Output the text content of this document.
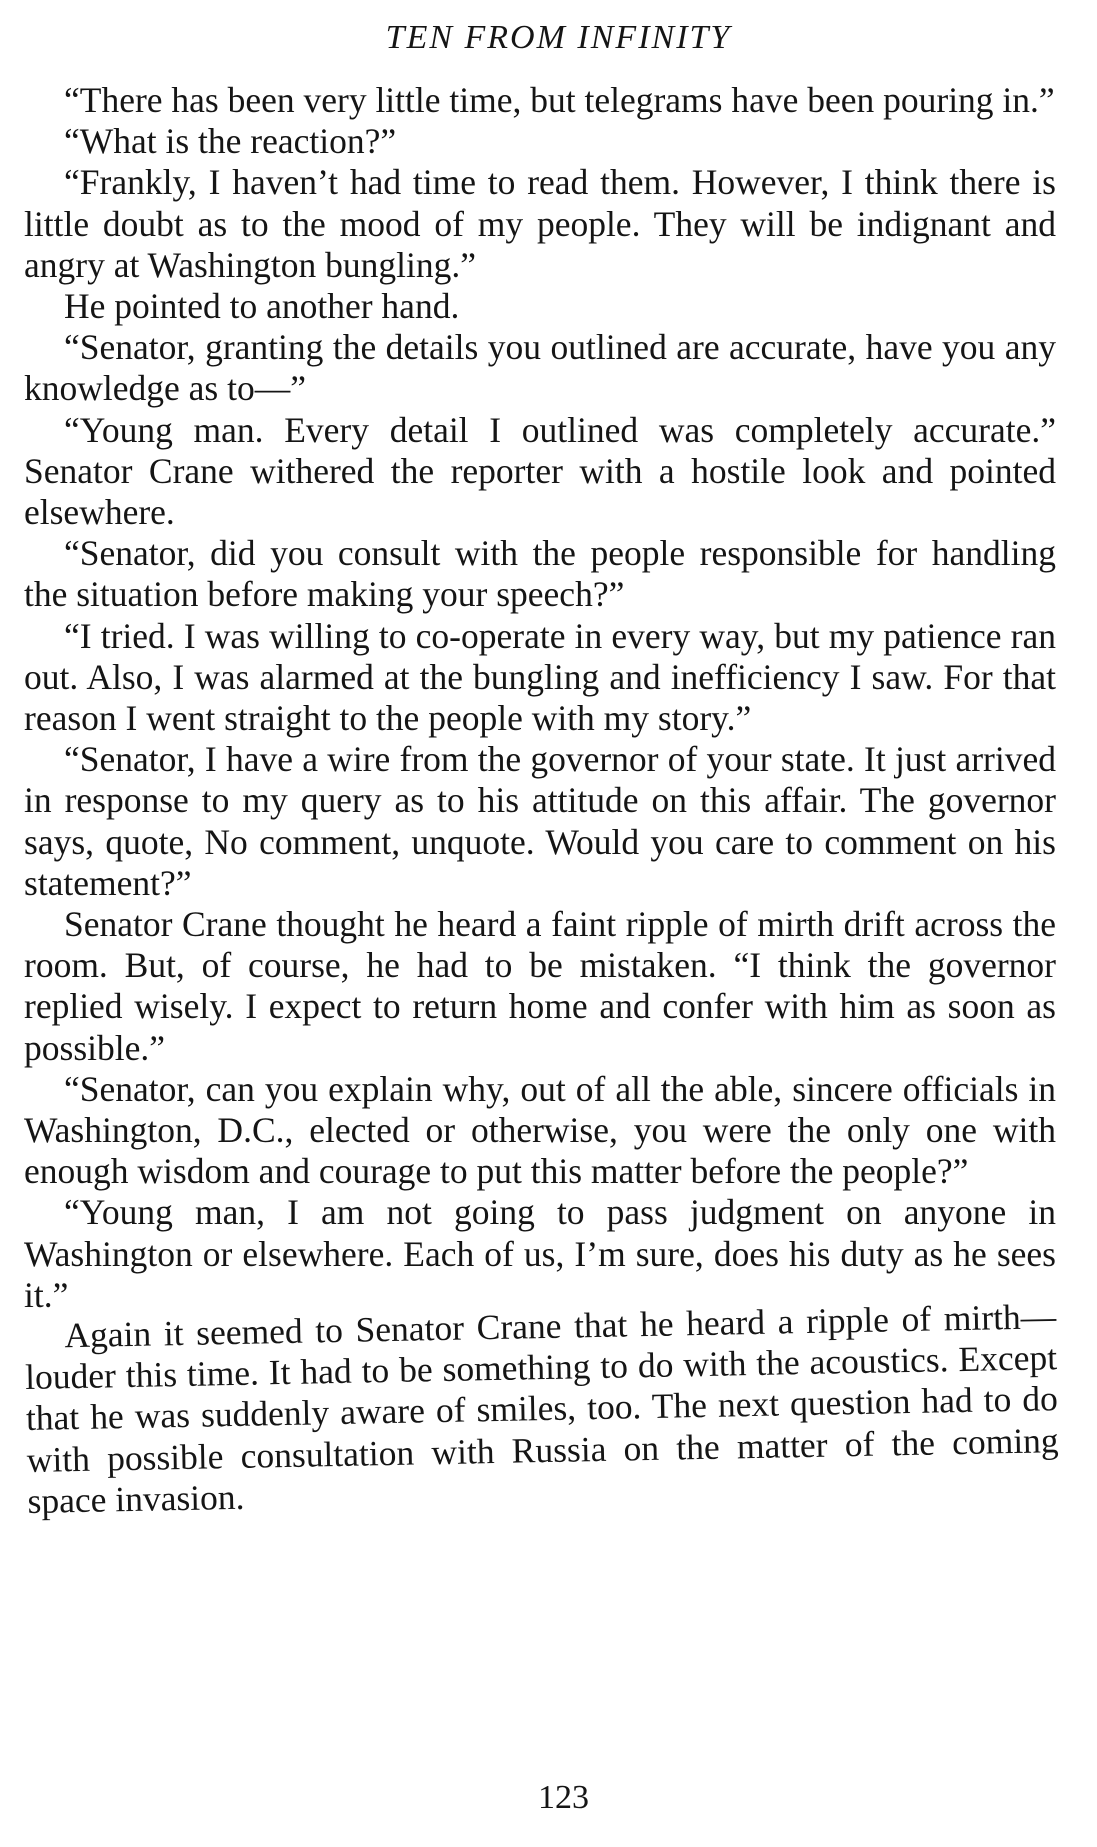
TEN FROM INFINITY

“There has been very little time, but telegrams have been pouring in.”

“What is the reaction?”

“Frankly, I haven’t had time to read them. However, I think there is little doubt as to the mood of my people. They will be indignant and angry at Washington bungling.”

He pointed to another hand.

“Senator, granting the details you outlined are accurate, have you any knowledge as to—”

“Young man. Every detail I outlined was completely accurate.” Senator Crane withered the reporter with a hostile look and pointed elsewhere.

“Senator, did you consult with the people responsible for handling the situation before making your speech?”

“I tried. I was willing to co-operate in every way, but my patience ran out. Also, I was alarmed at the bungling and inefficiency I saw. For that reason I went straight to the people with my story.”

“Senator, I have a wire from the governor of your state. It just arrived in response to my query as to his attitude on this affair. The governor says, quote, No comment, unquote. Would you care to comment on his statement?”

Senator Crane thought he heard a faint ripple of mirth drift across the room. But, of course, he had to be mistaken. “I think the governor replied wisely. I expect to return home and confer with him as soon as possible.”

“Senator, can you explain why, out of all the able, sincere officials in Washington, D.C., elected or otherwise, you were the only one with enough wisdom and courage to put this matter before the people?”

“Young man, I am not going to pass judgment on anyone in Washington or elsewhere. Each of us, I’m sure, does his duty as he sees it.”

Again it seemed to Senator Crane that he heard a ripple of mirth—louder this time. It had to be something to do with the acoustics. Except that he was suddenly aware of smiles, too. The next question had to do with possible consultation with Russia on the matter of the coming space invasion.

123
